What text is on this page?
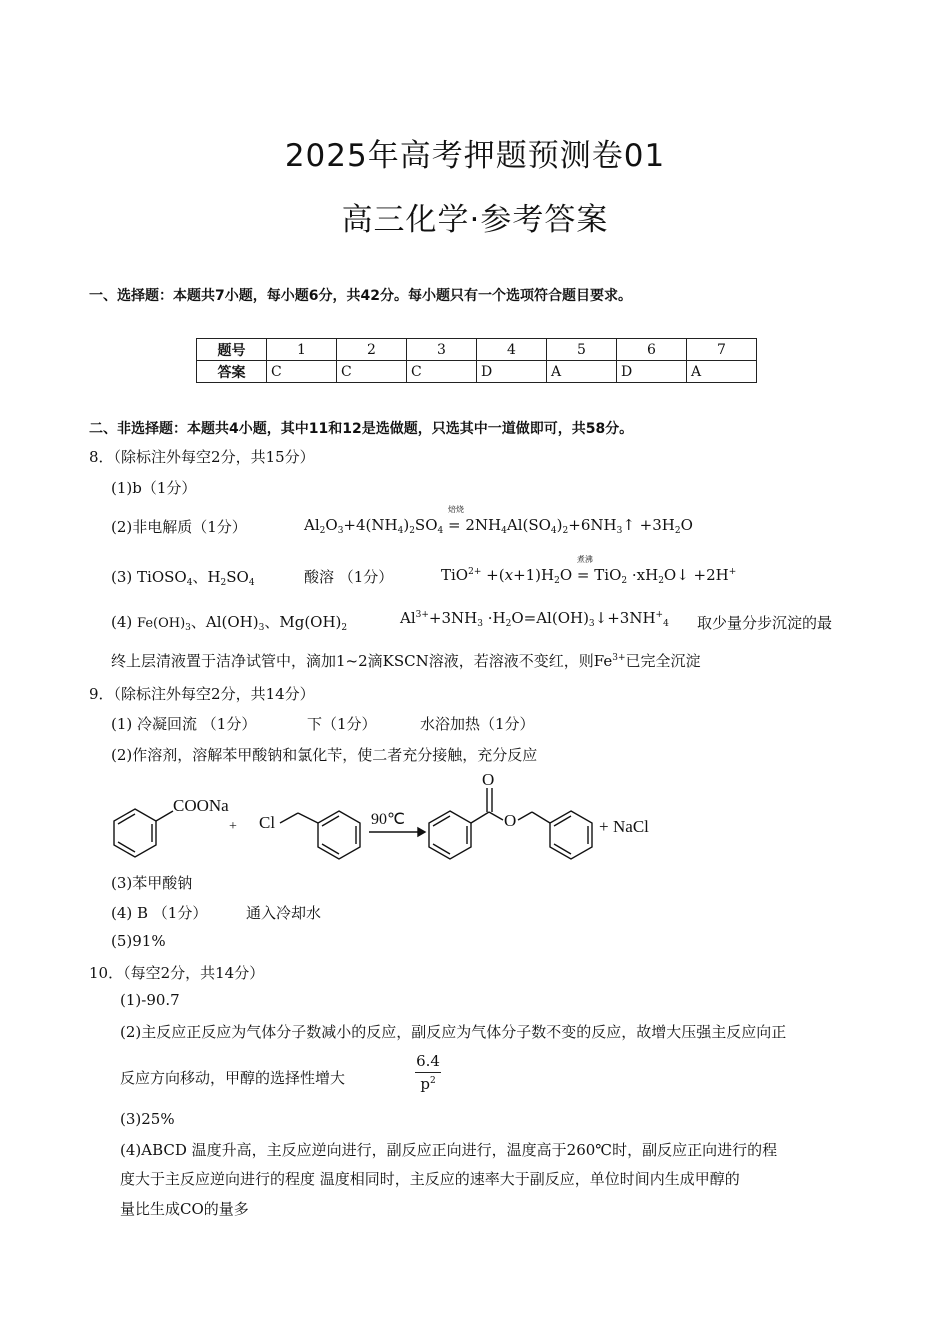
2025年高考押题预测卷01
高三化学·参考答案
一、选择题：本题共7小题，每小题6分，共42分。每小题只有一个选项符合题目要求。
题号	1	2	3	4	5	6	7
答案	C	C	C	D	A	D	A
二、非选择题：本题共4小题，其中11和12是选做题，只选其中一道做即可，共58分。
8．（除标注外每空2分，共15分）
(1)b（1分）
(2)非电解质（1分）	$Al_2O_3+4(NH_4)_2SO_4$
焙烧
= $2NH_4Al(SO_4)_2+6NH_3↑ +3H_2O$
(3) TiOSO$_4$、$H_2SO_4$	酸溶 （1分）	$TiO^{2+} +(x+1)H_2O$
煮沸
= $TiO_2 \cdot xH_2O↓ +2H^+$
(4) $Fe(OH)_3$、$Al(OH)_3$、$Mg(OH)_2$
$Al^{3+}+3NH_3$ $\cdot H_2O=Al(OH)_3↓+3NH^+_4$ 取少量分步沉淀的最
终上层清液置于洁净试管中，滴加1~2滴KSCN溶液，若溶液不变红，则$Fe^{3+}$已完全沉淀
9．（除标注外每空2分，共14分）
(1) 冷凝回流 （1分）	下（1分）	水浴加热（1分）
(2)作溶剂，溶解苯甲酸钠和氯化苄，使二者充分接触，充分反应
COONa
+ Cl	90℃
O
O	+ NaCl
(3)苯甲酸钠
(4) B （1分）	通入冷却水
(5)91%
10．（每空2分，共14分）
(1)-90.7
(2)主反应正反应为气体分子数减小的反应，副反应为气体分子数不变的反应，故增大压强主反应向正
反应方向移动，甲醇的选择性增大	$\frac{6.4}{p^2}$
(3)25%
(4)ABCD 温度升高，主反应逆向进行，副反应正向进行，温度高于260℃时，副反应正向进行的程
度大于主反应逆向进行的程度 温度相同时，主反应的速率大于副反应，单位时间内生成甲醇的
量比生成CO的量多
